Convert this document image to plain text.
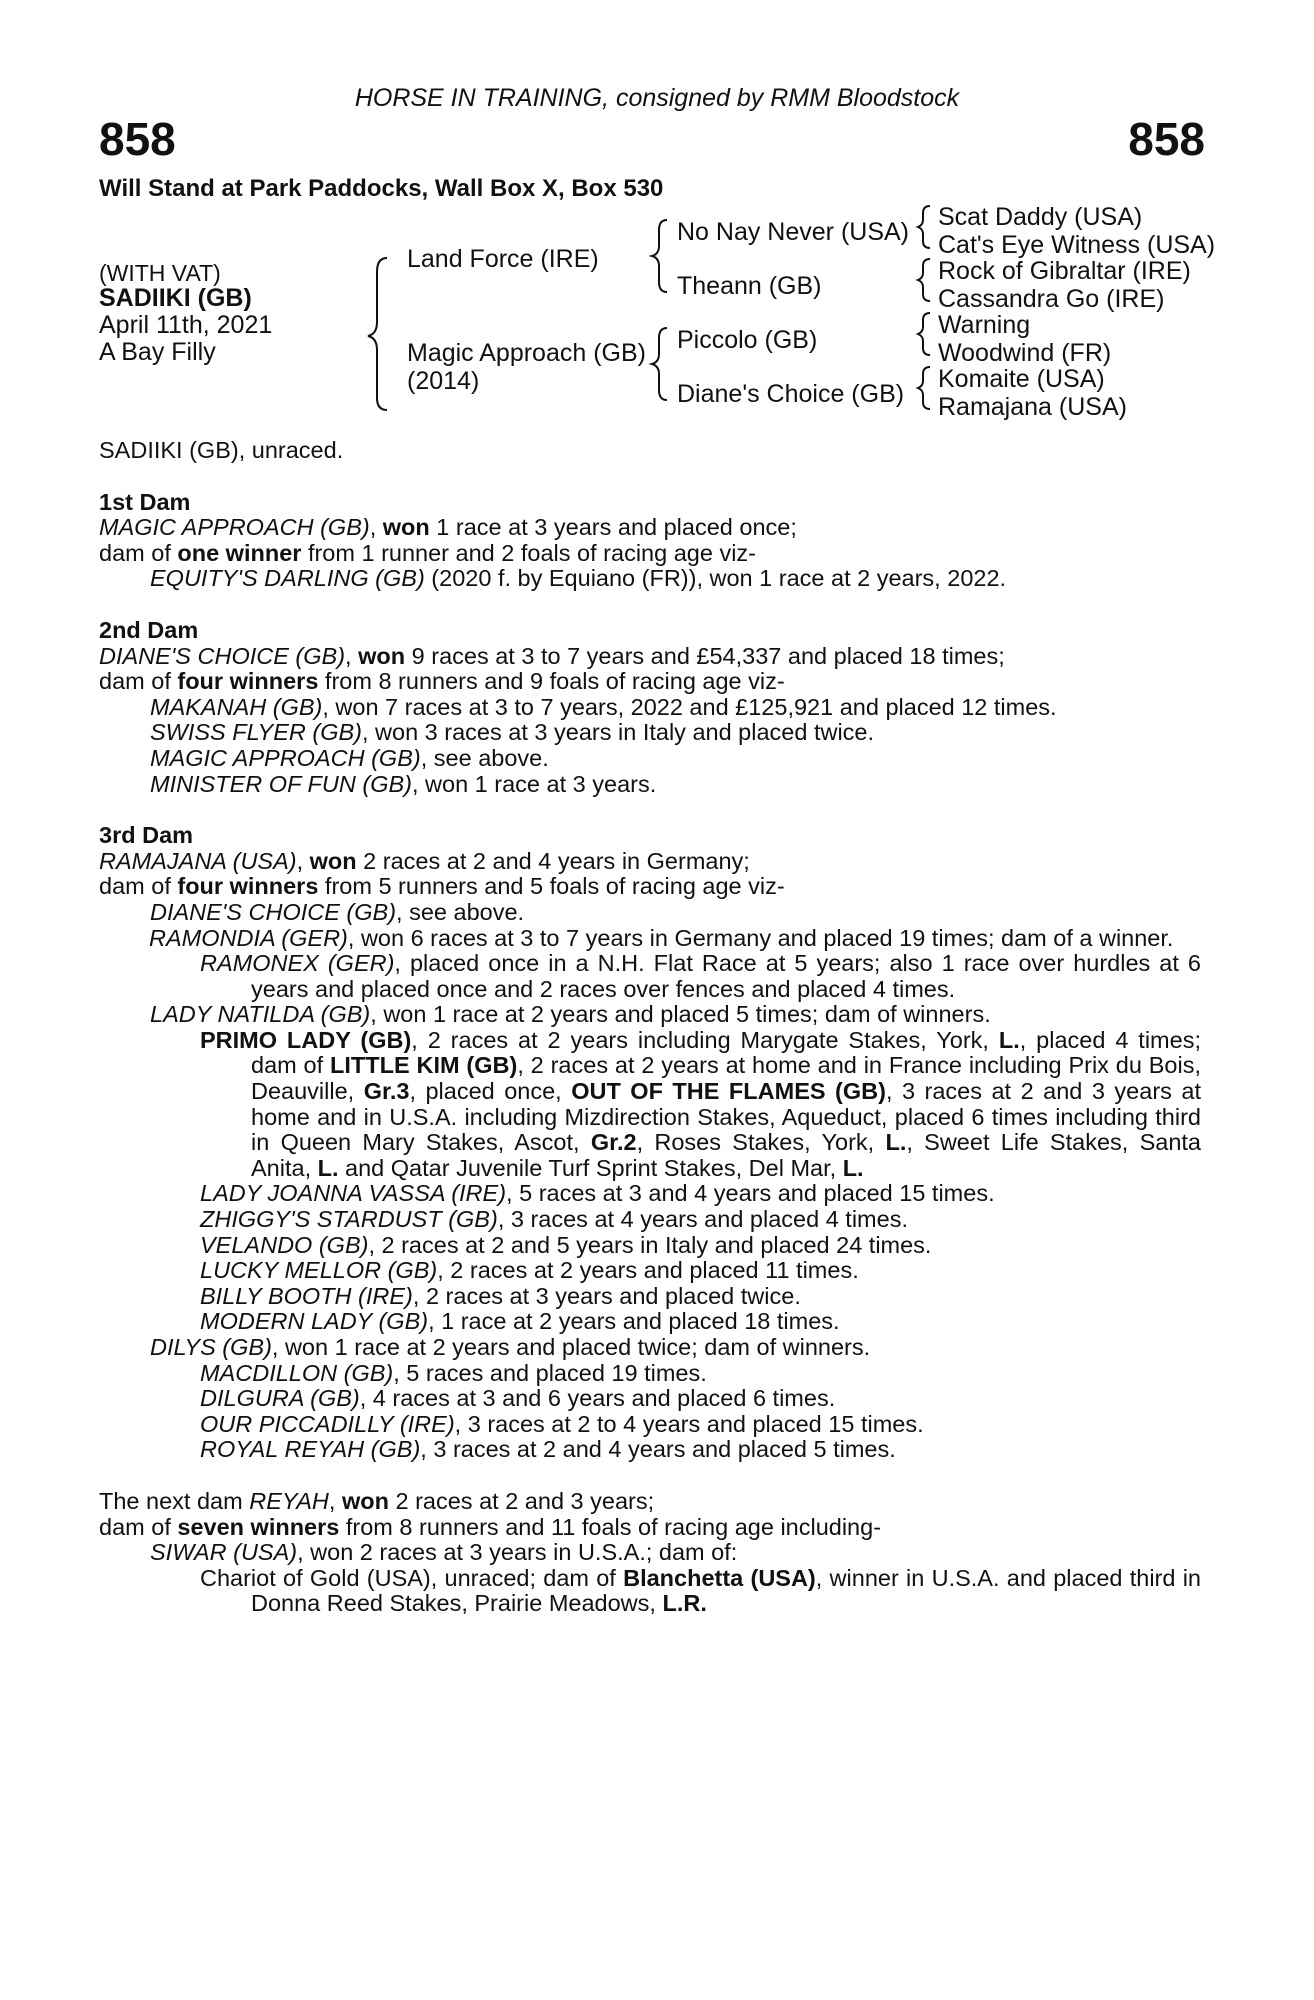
HORSE IN TRAINING, consigned by RMM Bloodstock
858	858
Will Stand at Park Paddocks, Wall Box X, Box 530
(WITH VAT)
SADIIKI (GB)
April 11th, 2021
A Bay Filly
Land Force (IRE)
Magic Approach (GB)
(2014)
No Nay Never (USA)
Theann (GB)
Piccolo (GB)
Diane's Choice (GB)
Scat Daddy (USA)
Cat's Eye Witness (USA)
Rock of Gibraltar (IRE)
Cassandra Go (IRE)
Warning
Woodwind (FR)
Komaite (USA)
Ramajana (USA)

SADIIKI (GB), unraced.

1st Dam

MAGIC APPROACH (GB), won 1 race at 3 years and placed once;

dam of one winner from 1 runner and 2 foals of racing age viz-

EQUITY'S DARLING (GB) (2020 f. by Equiano (FR)), won 1 race at 2 years, 2022.

2nd Dam

DIANE'S CHOICE (GB), won 9 races at 3 to 7 years and £54,337 and placed 18 times;

dam of four winners from 8 runners and 9 foals of racing age viz-

MAKANAH (GB), won 7 races at 3 to 7 years, 2022 and £125,921 and placed 12 times.

SWISS FLYER (GB), won 3 races at 3 years in Italy and placed twice.

MAGIC APPROACH (GB), see above.

MINISTER OF FUN (GB), won 1 race at 3 years.

3rd Dam

RAMAJANA (USA), won 2 races at 2 and 4 years in Germany;

dam of four winners from 5 runners and 5 foals of racing age viz-

DIANE'S CHOICE (GB), see above.

RAMONDIA (GER), won 6 races at 3 to 7 years in Germany and placed 19 times; dam of a winner.

RAMONEX (GER), placed once in a N.H. Flat Race at 5 years; also 1 race over hurdles at 6 years and placed once and 2 races over fences and placed 4 times.

LADY NATILDA (GB), won 1 race at 2 years and placed 5 times; dam of winners.

PRIMO LADY (GB), 2 races at 2 years including Marygate Stakes, York, L., placed 4 times; dam of LITTLE KIM (GB), 2 races at 2 years at home and in France including Prix du Bois, Deauville, Gr.3, placed once, OUT OF THE FLAMES (GB), 3 races at 2 and 3 years at home and in U.S.A. including Mizdirection Stakes, Aqueduct, placed 6 times including third in Queen Mary Stakes, Ascot, Gr.2, Roses Stakes, York, L., Sweet Life Stakes, Santa Anita, L. and Qatar Juvenile Turf Sprint Stakes, Del Mar, L.

LADY JOANNA VASSA (IRE), 5 races at 3 and 4 years and placed 15 times.

ZHIGGY'S STARDUST (GB), 3 races at 4 years and placed 4 times.

VELANDO (GB), 2 races at 2 and 5 years in Italy and placed 24 times.

LUCKY MELLOR (GB), 2 races at 2 years and placed 11 times.

BILLY BOOTH (IRE), 2 races at 3 years and placed twice.

MODERN LADY (GB), 1 race at 2 years and placed 18 times.

DILYS (GB), won 1 race at 2 years and placed twice; dam of winners.

MACDILLON (GB), 5 races and placed 19 times.

DILGURA (GB), 4 races at 3 and 6 years and placed 6 times.

OUR PICCADILLY (IRE), 3 races at 2 to 4 years and placed 15 times.

ROYAL REYAH (GB), 3 races at 2 and 4 years and placed 5 times.

The next dam REYAH, won 2 races at 2 and 3 years;

dam of seven winners from 8 runners and 11 foals of racing age including-

SIWAR (USA), won 2 races at 3 years in U.S.A.; dam of:

Chariot of Gold (USA), unraced; dam of Blanchetta (USA), winner in U.S.A. and placed third in Donna Reed Stakes, Prairie Meadows, L.R.
